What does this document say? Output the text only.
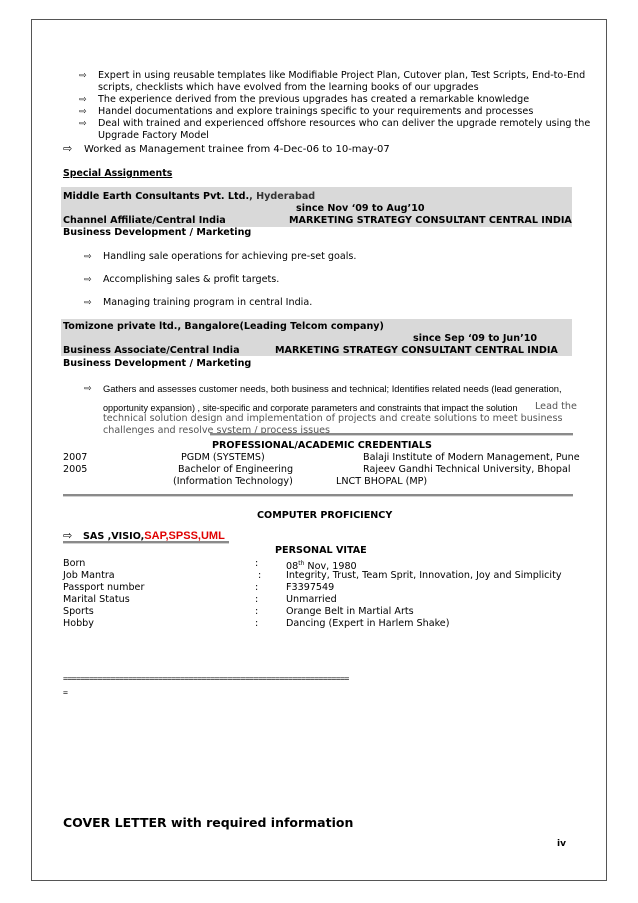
⇨ Expert in using reusable templates like Modifiable Project Plan, Cutover plan, Test Scripts, End-to-End
scripts, checklists which have evolved from the learning books of our upgrades
⇨ The experience derived from the previous upgrades has created a remarkable knowledge
⇨ Handel documentations and explore trainings specific to your requirements and processes
⇨ Deal with trained and experienced offshore resources who can deliver the upgrade remotely using the
Upgrade Factory Model
⇨ Worked as Management trainee from 4-Dec-06 to 10-may-07
Special Assignments
Middle Earth Consultants Pvt. Ltd., Hyderabad
since Nov ‘09 to Aug’10
Channel Affiliate/Central India	MARKETING STRATEGY CONSULTANT CENTRAL INDIA
Business Development / Marketing
⇨ Handling sale operations for achieving pre-set goals.
⇨ Accomplishing sales & profit targets.
⇨ Managing training program in central India.
Tomizone private ltd., Bangalore(Leading Telcom company)
since Sep ‘09 to Jun’10
Business Associate/Central India	MARKETING STRATEGY CONSULTANT CENTRAL INDIA
Business Development / Marketing
⇨ Gathers and assesses customer needs, both business and technical; Identifies related needs (lead generation,
opportunity expansion) , site-specific and corporate parameters and constraints that impact the solution Lead the
technical solution design and implementation of projects and create solutions to meet business
challenges and resolve system / process issues
PROFESSIONAL/ACADEMIC CREDENTIALS
2007	PGDM (SYSTEMS)	Balaji Institute of Modern Management, Pune
2005	Bachelor of Engineering	Rajeev Gandhi Technical University, Bhopal
(Information Technology)	LNCT BHOPAL (MP)
COMPUTER PROFICIENCY
⇨ SAS ,VISIO,SAP,SPSS,UML
PERSONAL VITAE
Born	:	08th Nov, 1980
Job Mantra	:	Integrity, Trust, Team Sprit, Innovation, Joy and Simplicity
Passport number	:	F3397549
Marital Status	:	Unmarried
Sports	:	Orange Belt in Martial Arts
Hobby	:	Dancing (Expert in Harlem Shake)
==================================================================
=
COVER LETTER with required information
iv
